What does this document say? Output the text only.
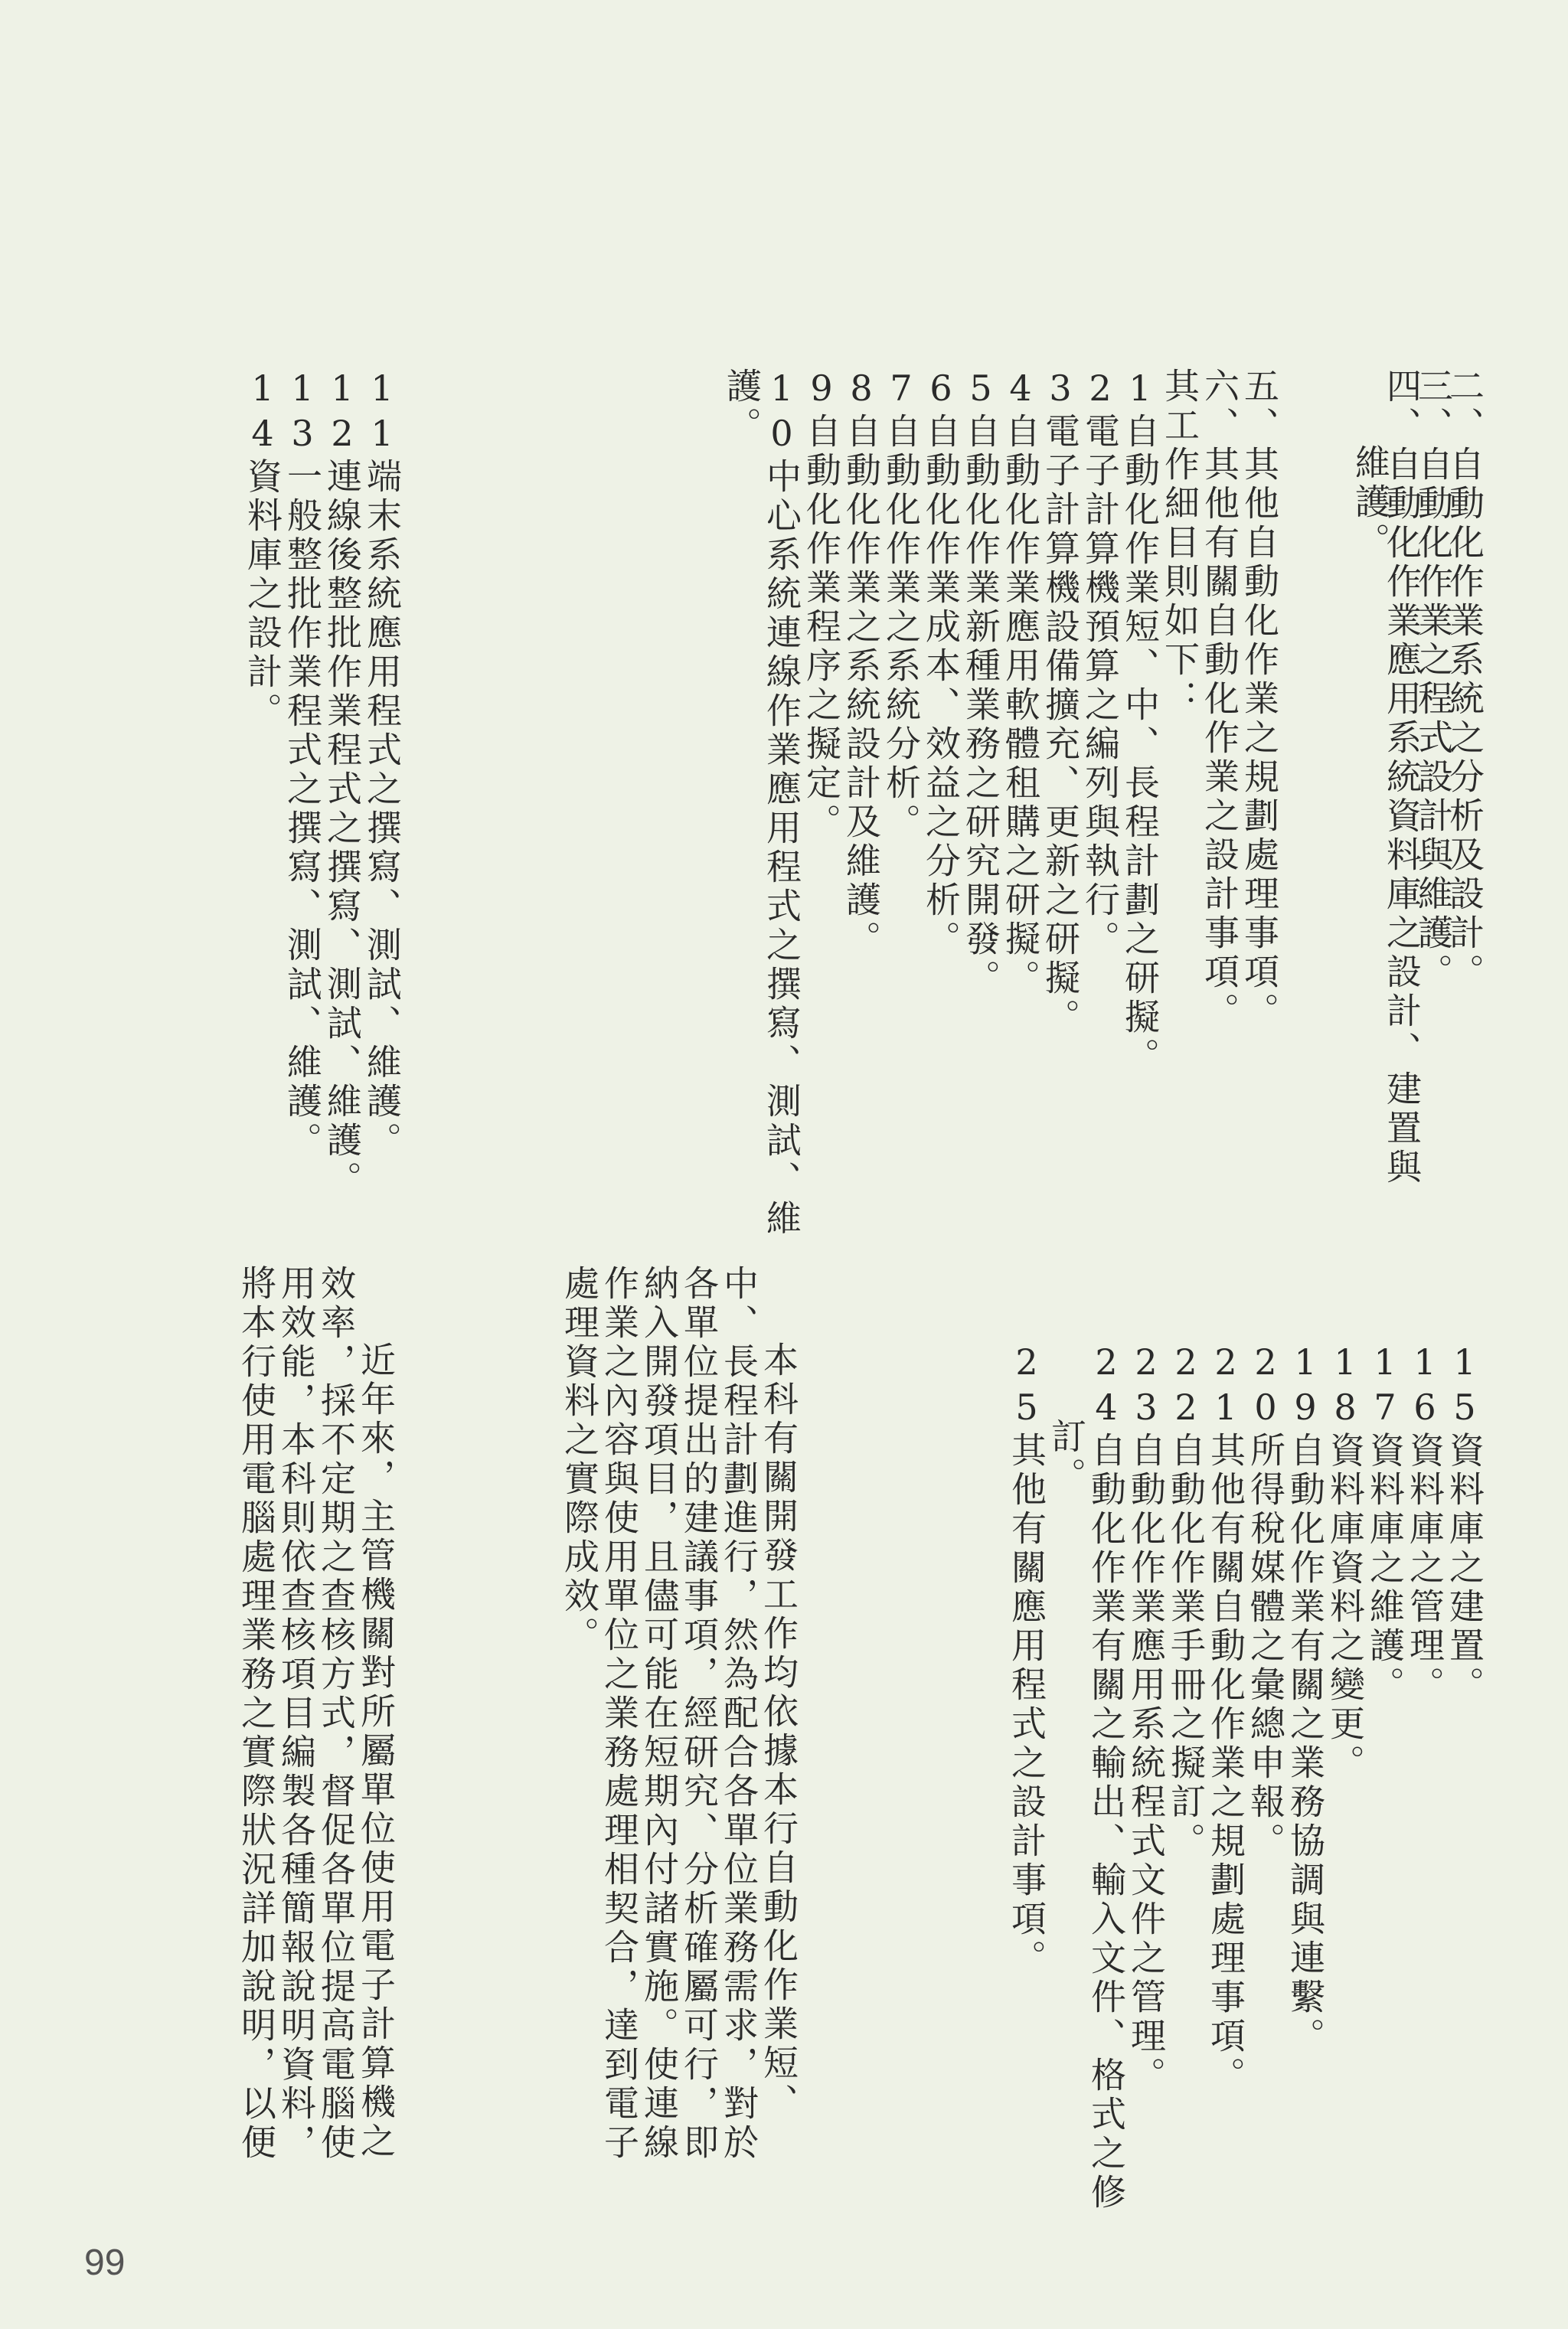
二、自動化作業系統之分析及設計。
三、自動化作業之程式設計與維護。
四、自動化作業應用系統資料庫之設計、建置與
維護。
五、其他自動化作業之規劃處理事項。
六、其他有關自動化作業之設計事項。
其工作細目則如下：
1自動化作業短、中、長程計劃之研擬。
2電子計算機預算之編列與執行。
3電子計算機設備擴充、更新之研擬。
4自動化作業應用軟體租購之研擬。
5自動化作業新種業務之研究開發。
6自動化作業成本、效益之分析。
7自動化作業之系統分析。
8自動化作業之系統設計及維護。
9自動化作業程序之擬定。
10中心系統連線作業應用程式之撰寫、測試、維
護。
11端末系統應用程式之撰寫、測試、維護。
12連線後整批作業程式之撰寫、測試、維護。
13一般整批作業程式之撰寫、測試、維護。
14資料庫之設計。
15資料庫之建置。
16資料庫之管理。
17資料庫之維護。
18資料庫資料之變更。
19自動化作業有關之業務協調與連繫。
20所得稅媒體之彙總申報。
21其他有關自動化作業之規劃處理事項。
22自動化作業手冊之擬訂。
23自動化作業應用系統程式文件之管理。
24自動化作業有關之輸出、輸入文件、格式之修
訂。
25其他有關應用程式之設計事項。
本科有關開發工作均依據本行自動化作業短、
中、長程計劃進行，然為配合各單位業務需求，對於
各單位提出的建議事項，經研究、分析確屬可行，即
納入開發項目，且儘可能在短期內付諸實施。使連線
作業之內容與使用單位之業務處理相契合，達到電子
處理資料之實際成效。
近年來，主管機關對所屬單位使用電子計算機之
效率，採不定期之查核方式，督促各單位提高電腦使
用效能，本科則依查核項目編製各種簡報說明資料，
將本行使用電腦處理業務之實際狀況詳加說明，以便
99
